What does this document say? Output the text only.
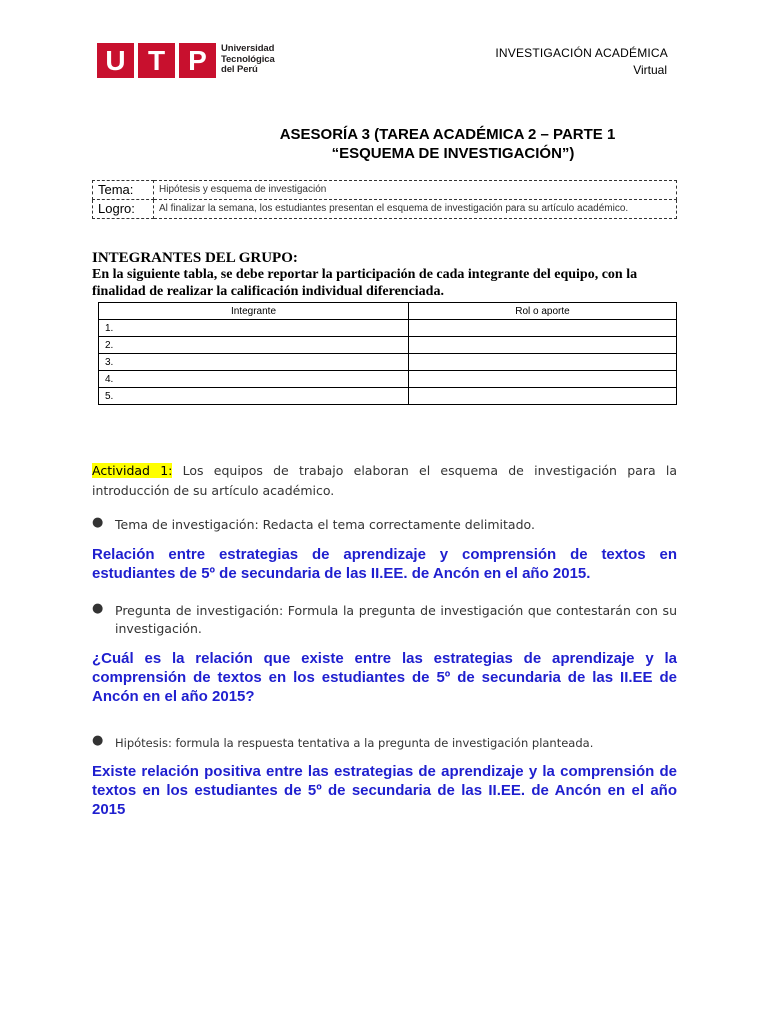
U T P	Universidad
Tecnológica
del Perú
INVESTIGACIÓN ACADÉMICA
Virtual
ASESORÍA 3 (TAREA ACADÉMICA 2 – PARTE 1
“ESQUEMA DE INVESTIGACIÓN”)
Tema:	Hipótesis y esquema de investigación
Logro:	Al finalizar la semana, los estudiantes presentan el esquema de investigación para su artículo académico.
INTEGRANTES DEL GRUPO:
En la siguiente tabla, se debe reportar la participación de cada integrante del equipo, con la finalidad de realizar la calificación individual diferenciada.
Integrante	Rol o aporte
1.	
2.	
3.	
4.	
5.	
Actividad 1: Los equipos de trabajo elaboran el esquema de investigación para la introducción de su artículo académico.
● Tema de investigación: Redacta el tema correctamente delimitado.
Relación entre estrategias de aprendizaje y comprensión de textos en estudiantes de 5º de secundaria de las II.EE. de Ancón en el año 2015.
● Pregunta de investigación: Formula la pregunta de investigación que contestarán con su investigación.
¿Cuál es la relación que existe entre las estrategias de aprendizaje y la comprensión de textos en los estudiantes de 5º de secundaria de las II.EE de Ancón en el año 2015?
● Hipótesis: formula la respuesta tentativa a la pregunta de investigación planteada.
Existe relación positiva entre las estrategias de aprendizaje y la comprensión de textos en los estudiantes de 5º de secundaria de las II.EE. de Ancón en el año 2015
